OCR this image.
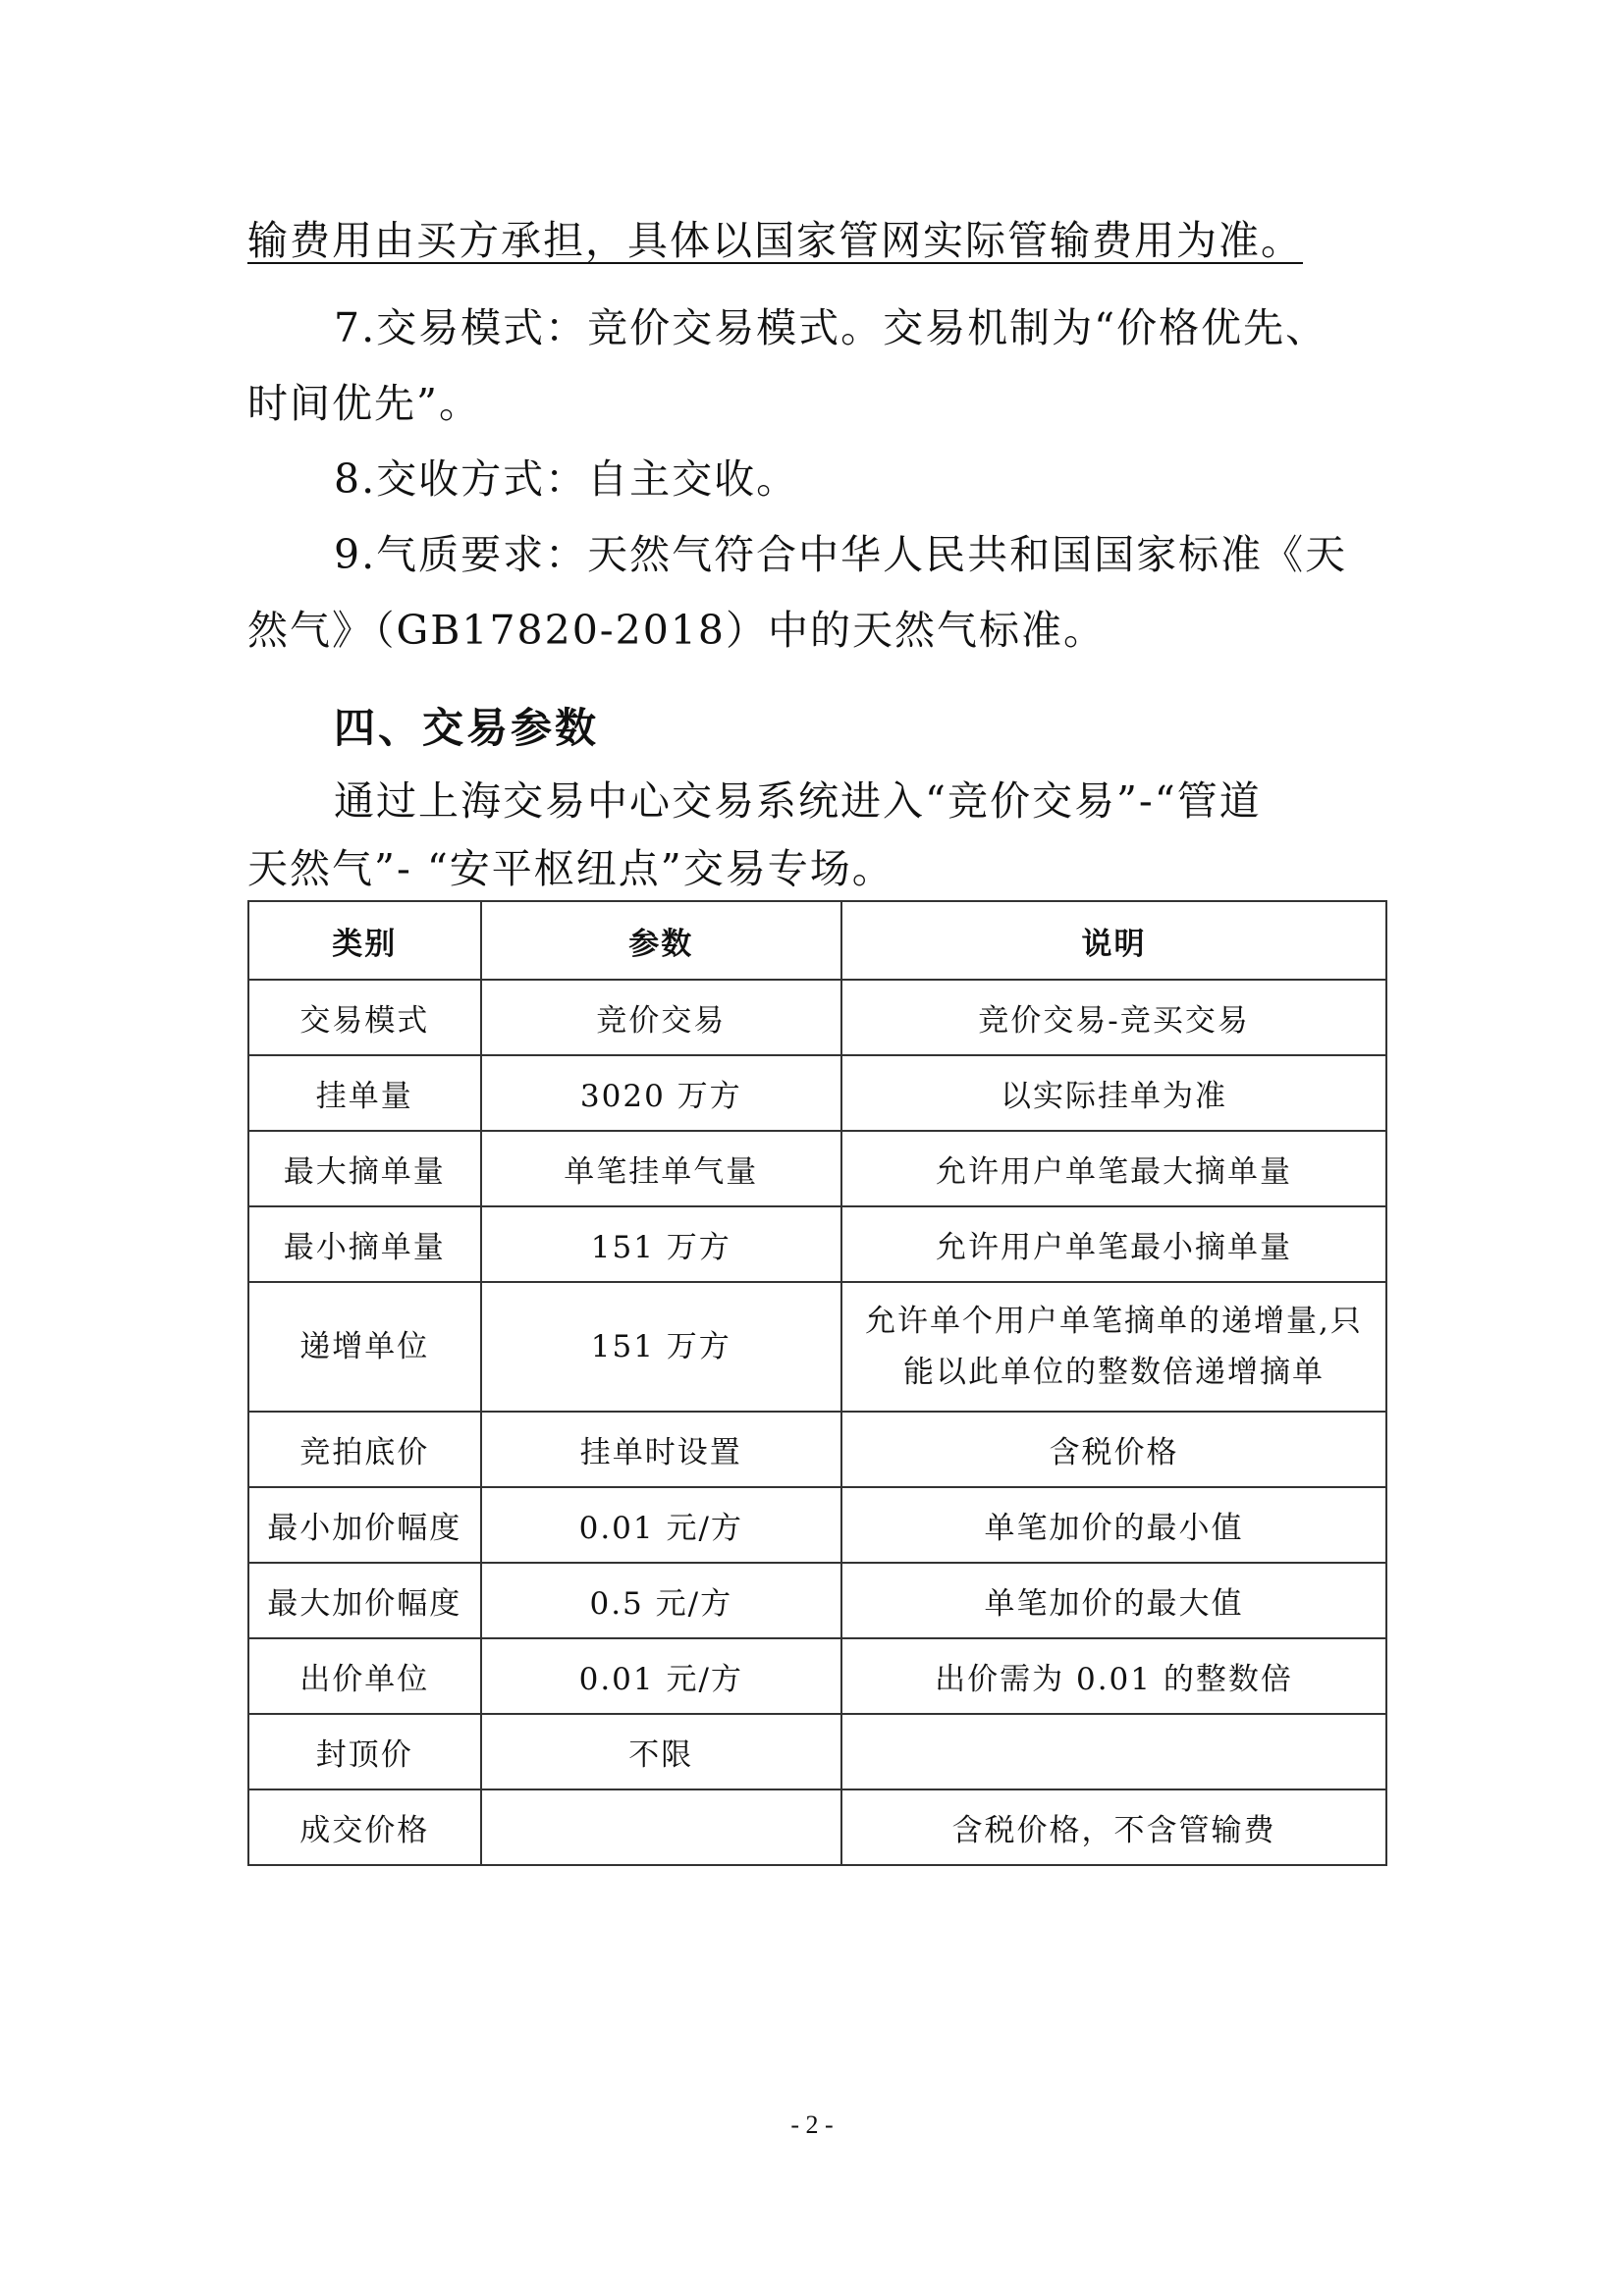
输费用由买方承担，具体以国家管网实际管输费用为准。
7.交易模式：竞价交易模式。交易机制为“价格优先、
时间优先”。
8.交收方式：自主交收。
9.气质要求：天然气符合中华人民共和国国家标准《天
然气》（GB17820-2018）中的天然气标准。
四、交易参数
通过上海交易中心交易系统进入“竞价交易”-“管道
天然气”- “安平枢纽点”交易专场。
类别	参数	说明
交易模式	竞价交易	竞价交易-竞买交易
挂单量	3020 万方	以实际挂单为准
最大摘单量	单笔挂单气量	允许用户单笔最大摘单量
最小摘单量	151 万方	允许用户单笔最小摘单量
递增单位	151 万方	允许单个用户单笔摘单的递增量,只
能以此单位的整数倍递增摘单

竞拍底价	挂单时设置	含税价格
最小加价幅度	0.01 元/方	单笔加价的最小值
最大加价幅度	0.5 元/方	单笔加价的最大值
出价单位	0.01 元/方	出价需为 0.01 的整数倍
封顶价	不限	
成交价格		含税价格，不含管输费
- 2 -
